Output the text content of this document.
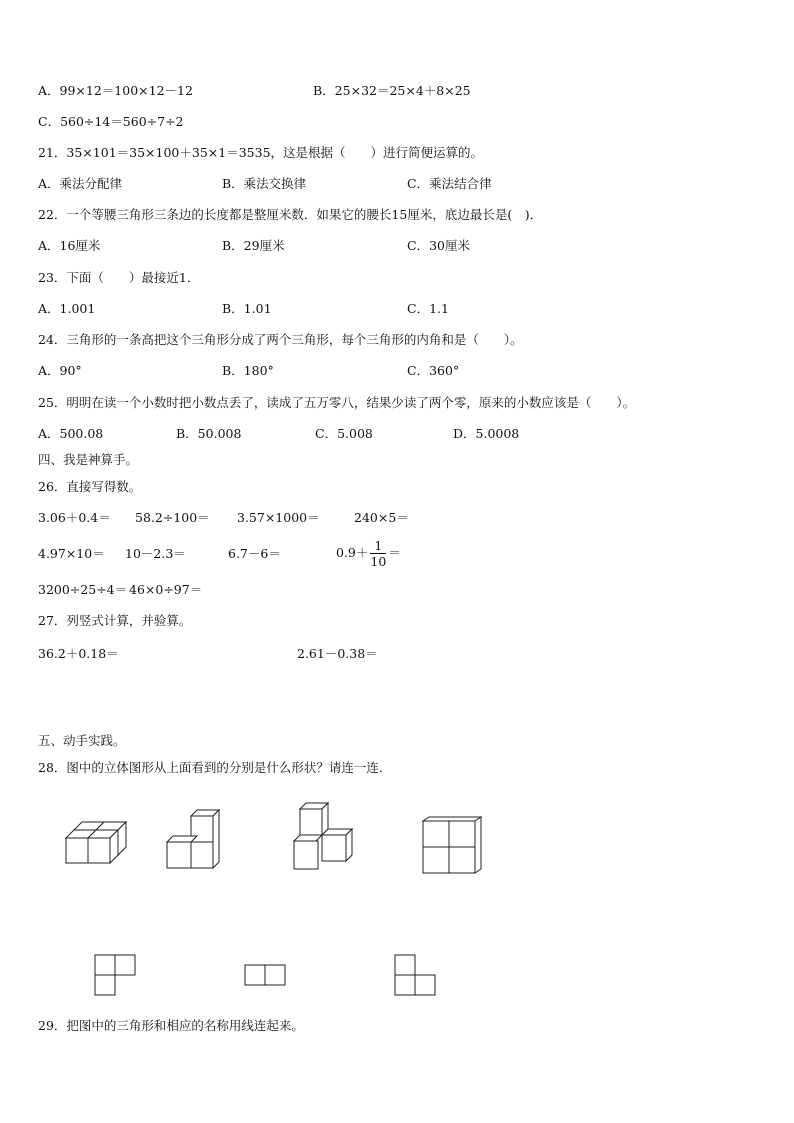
A．99×12＝100×12－12	B．25×32＝25×4＋8×25
C．560÷14＝560÷7÷2
21．35×101＝35×100＋35×1＝3535，这是根据（　　）进行简便运算的。
A．乘法分配律	B．乘法交换律	C．乘法结合律
22．一个等腰三角形三条边的长度都是整厘米数．如果它的腰长15厘米，底边最长是(　)．
A．16厘米	B．29厘米	C．30厘米
23．下面（　　）最接近1．
A．1.001	B．1.01	C．1.1
24．三角形的一条高把这个三角形分成了两个三角形，每个三角形的内角和是（　　）。
A．90°	B．180°	C．360°
25．明明在读一个小数时把小数点丢了，读成了五万零八，结果少读了两个零，原来的小数应该是（　　）。
A．500.08	B．50.008	C．5.008	D．5.0008
四、我是神算手。
26．直接写得数。
3.06＋0.4＝ 58.2÷100＝ 3.57×1000＝	240×5＝
4.97×10＝ 10－2.3＝	6.7－6＝	$0.9+ \frac{1}{10}$ ＝
3200÷25÷4＝ 46×0÷97＝
27．列竖式计算，并验算。
36.2＋0.18＝	2.61－0.38＝
五、动手实践。
28．图中的立体图形从上面看到的分别是什么形状？请连一连.
29．把图中的三角形和相应的名称用线连起来。
